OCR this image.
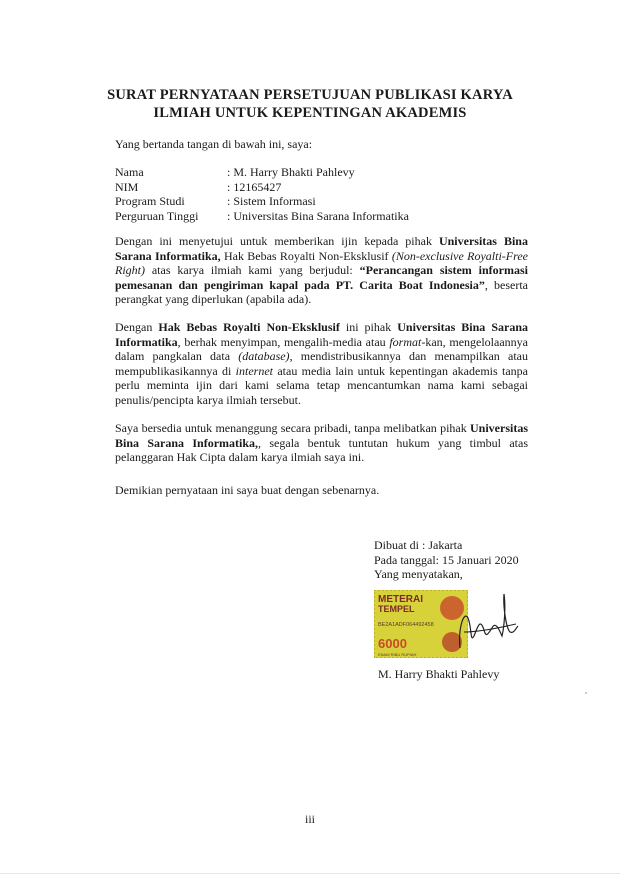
SURAT PERNYATAAN PERSETUJUAN PUBLIKASI KARYA
ILMIAH UNTUK KEPENTINGAN AKADEMIS
Yang bertanda tangan di bawah ini, saya:
Nama	: M. Harry Bhakti Pahlevy
NIM	: 12165427
Program Studi	: Sistem Informasi
Perguruan Tinggi	: Universitas Bina Sarana Informatika
Dengan ini menyetujui untuk memberikan ijin kepada pihak Universitas Bina Sarana Informatika, Hak Bebas Royalti Non-Eksklusif (Non-exclusive Royalti-Free Right) atas karya ilmiah kami yang berjudul: “Perancangan sistem informasi pemesanan dan pengiriman kapal pada PT. Carita Boat Indonesia”, beserta perangkat yang diperlukan (apabila ada).
Dengan Hak Bebas Royalti Non-Eksklusif ini pihak Universitas Bina Sarana Informatika, berhak menyimpan, mengalih-media atau format-kan, mengelolaannya dalam pangkalan data (database), mendistribusikannya dan menampilkan atau mempublikasikannya di internet atau media lain untuk kepentingan akademis tanpa perlu meminta ijin dari kami selama tetap mencantumkan nama kami sebagai penulis/pencipta karya ilmiah tersebut.
Saya bersedia untuk menanggung secara pribadi, tanpa melibatkan pihak Universitas Bina Sarana Informatika,, segala bentuk tuntutan hukum yang timbul atas pelanggaran Hak Cipta dalam karya ilmiah saya ini.
Demikian pernyataan ini saya buat dengan sebenarnya.
Dibuat di : Jakarta
Pada tanggal: 15 Januari 2020
Yang menyatakan,
METERAI
TEMPEL
BE2A1ADF064492458
6000
ENAM RIBU RUPIAH
M. Harry Bhakti Pahlevy
iii
